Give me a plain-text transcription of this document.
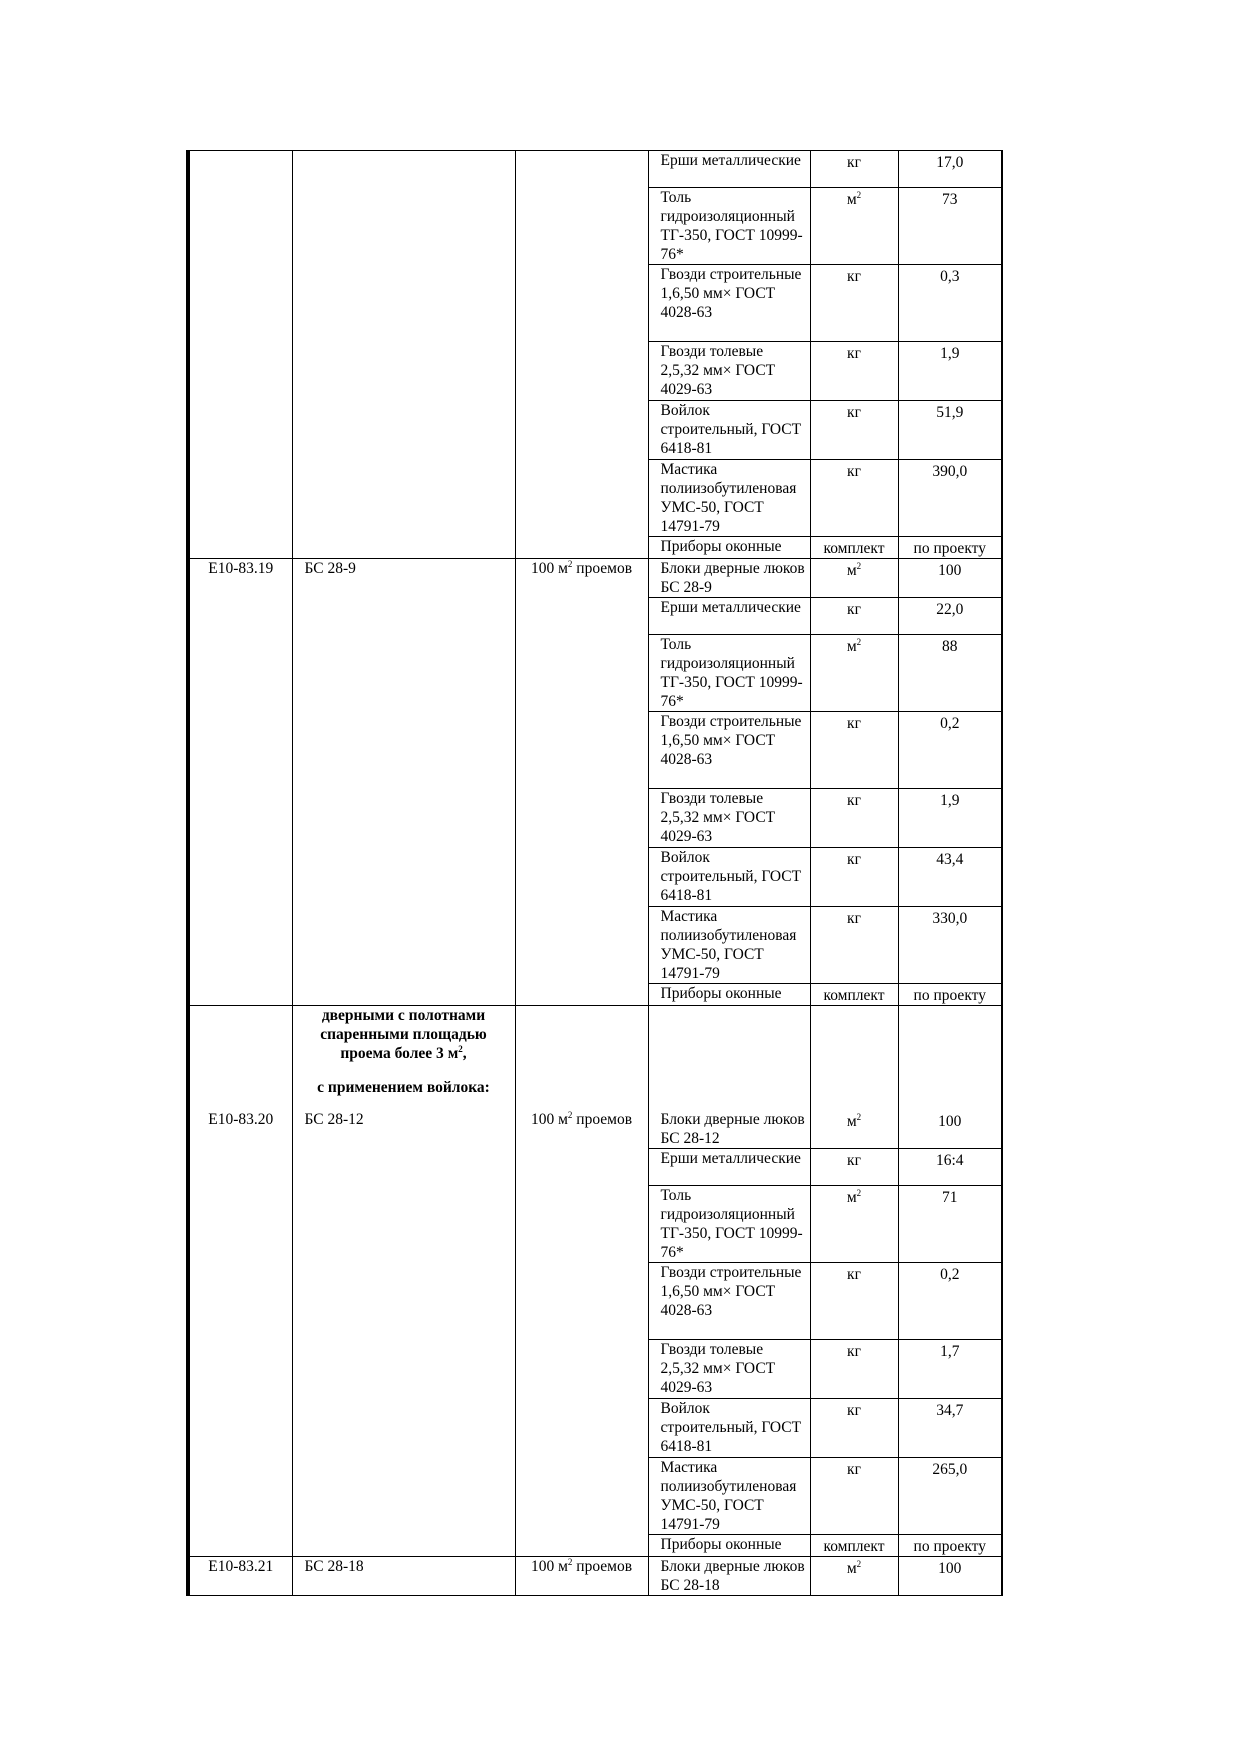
			Ерши металлические	кг	17,0
			Толь гидроизоляционный ТГ-350, ГОСТ 10999-76*	$м^2$	73
			Гвозди строительные 1,6,50 мм× ГОСТ 4028-63	кг	0,3
			Гвозди толевые 2,5,32 мм× ГОСТ 4029-63	кг	1,9
			Войлок строительный, ГОСТ 6418-81	кг	51,9
			Мастика полиизобутиленовая УМС-50, ГОСТ 14791-79	кг	390,0
			Приборы оконные	комплект	по проекту
Е10-83.19	БС 28-9	100 $м^2$ проемов	Блоки дверные люков БС 28-9	$м^2$	100
			Ерши металлические	кг	22,0
			Толь гидроизоляционный ТГ-350, ГОСТ 10999-76*	$м^2$	88
			Гвозди строительные 1,6,50 мм× ГОСТ 4028-63	кг	0,2
			Гвозди толевые 2,5,32 мм× ГОСТ 4029-63	кг	1,9
			Войлок строительный, ГОСТ 6418-81	кг	43,4
			Мастика полиизобутиленовая УМС-50, ГОСТ 14791-79	кг	330,0
			Приборы оконные	комплект	по проекту
	дверными с полотнами спаренными площадью проема более 3 $м^2$,
с применением войлока:				

Е10-83.20	БС 28-12	100 $м^2$ проемов	Блоки дверные люков БС 28-12	$м^2$	100
			Ерши металлические	кг	16:4
			Толь гидроизоляционный ТГ-350, ГОСТ 10999-76*	$м^2$	71
			Гвозди строительные 1,6,50 мм× ГОСТ 4028-63	кг	0,2
			Гвозди толевые 2,5,32 мм× ГОСТ 4029-63	кг	1,7
			Войлок строительный, ГОСТ 6418-81	кг	34,7
			Мастика полиизобутиленовая УМС-50, ГОСТ 14791-79	кг	265,0
			Приборы оконные	комплект	по проекту
Е10-83.21	БС 28-18	100 $м^2$ проемов	Блоки дверные люков БС 28-18	$м^2$	100
